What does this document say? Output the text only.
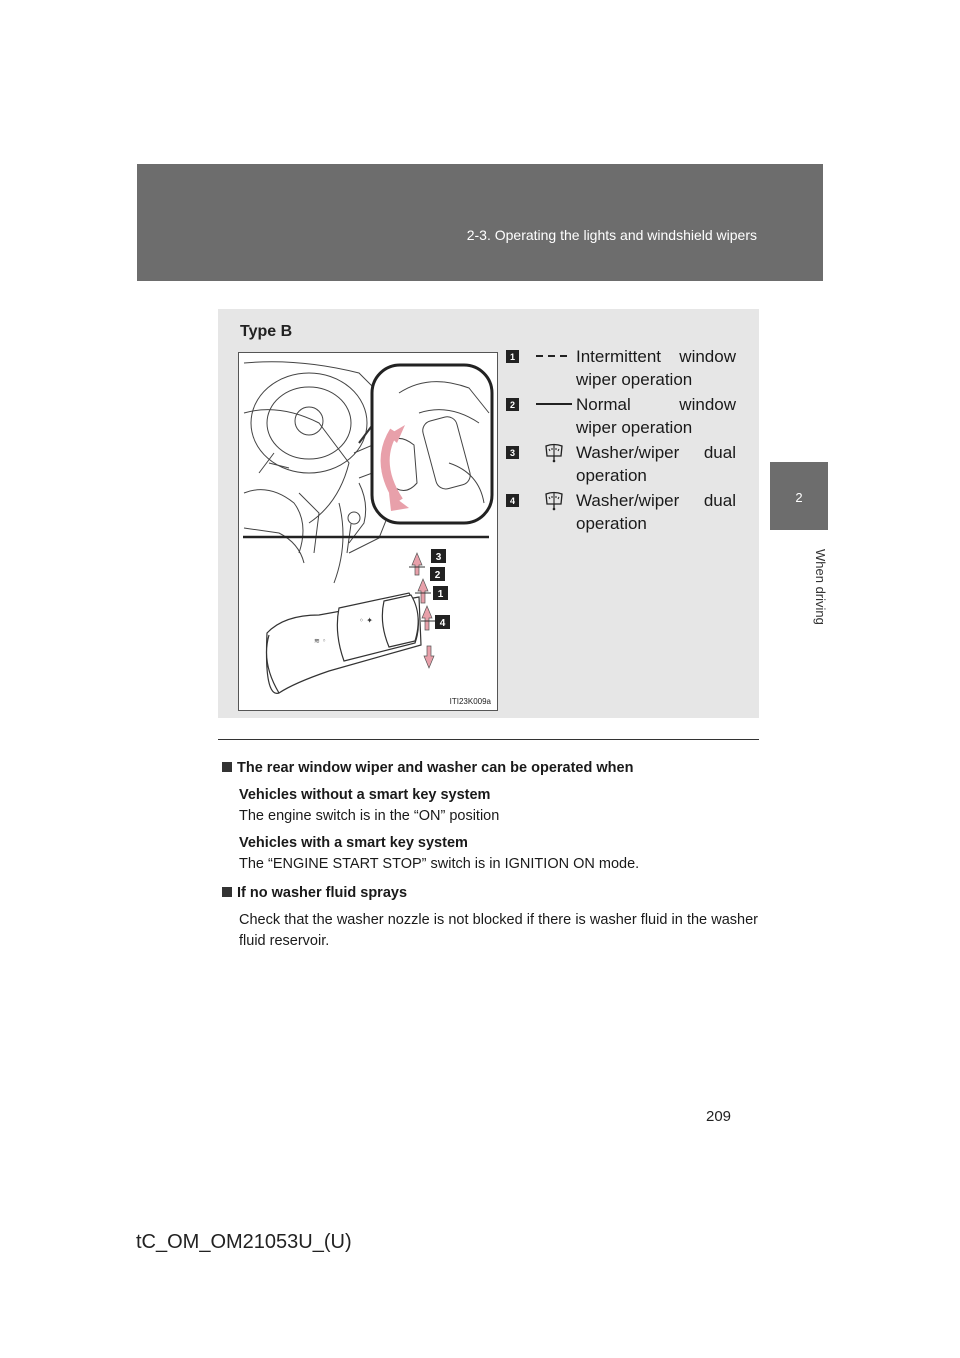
2-3. Operating the lights and windshield wipers
2
When driving
Type B
◦ ✦
≋ ◦
3
2
1
4
ITI23K009a
1	Intermittent window wiper operation
2	Normal window wiper operation
3	Washer/wiper dual operation
4	Washer/wiper dual operation
The rear window wiper and washer can be operated when
Vehicles without a smart key system
The engine switch is in the “ON” position
Vehicles with a smart key system
The “ENGINE START STOP” switch is in IGNITION ON mode.
If no washer fluid sprays
Check that the washer nozzle is not blocked if there is washer fluid in the washer fluid reservoir.
209
tC_OM_OM21053U_(U)
